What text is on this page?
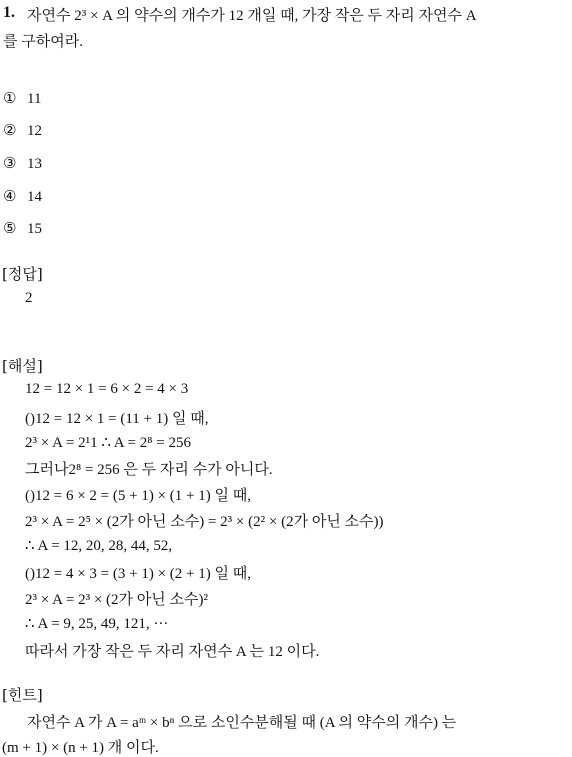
1. 자연수 2³ × A 의 약수의 개수가 12 개일 때, 가장 작은 두 자리 자연수 A
를 구하여라.
① 11
② 12
③ 13
④ 14
⑤ 15
[정답]
2
[해설]
12 = 12 × 1 = 6 × 2 = 4 × 3
()12 = 12 × 1 = (11 + 1) 일 때,
2³ × A = 2¹1 ∴ A = 2⁸ = 256
그러나2⁸ = 256 은 두 자리 수가 아니다.
()12 = 6 × 2 = (5 + 1) × (1 + 1) 일 때,
2³ × A = 2⁵ × (2가 아닌 소수) = 2³ × (2² × (2가 아닌 소수))
∴ A = 12, 20, 28, 44, 52,
()12 = 4 × 3 = (3 + 1) × (2 + 1) 일 때,
2³ × A = 2³ × (2가 아닌 소수)²
∴ A = 9, 25, 49, 121, ···
따라서 가장 작은 두 자리 자연수 A 는 12 이다.
[힌트]
자연수 A 가 A = aᵐ × bⁿ 으로 소인수분해될 때 (A 의 약수의 개수) 는
(m + 1) × (n + 1) 개 이다.
